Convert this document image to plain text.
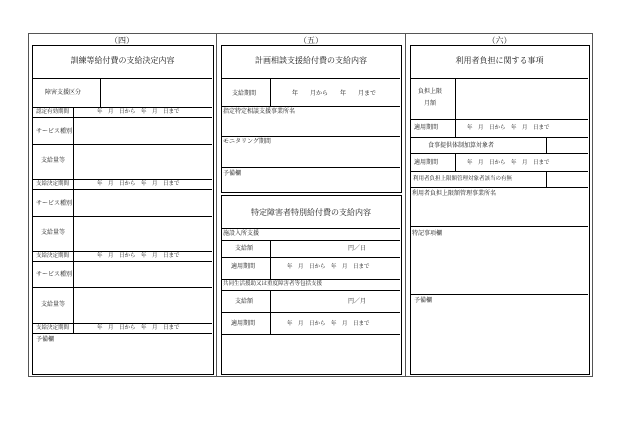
（四）
訓練等給付費の支給決定内容
障害支援区分
認定有効期間	年　月　日から　年　月　日まで
サービス種別
支給量等
支給決定期間	年　月　日から　年　月　日まで
サービス種別
支給量等
支給決定期間	年　月　日から　年　月　日まで
サービス種別
支給量等
支給決定期間	年　月　日から　年　月　日まで
予備欄
（五）
計画相談支援給付費の支給内容
支給期間	年　　月から　　年　　月まで
指定特定相談支援事業所名
モニタリング期間
予備欄
特定障害者特別給付費の支給内容
施設入所支援
支給額	円／日
適用期間	年　月　日から　年　月　日まで
共同生活援助又は重度障害者等包括支援
支給額	円／月
適用期間	年　月　日から　年　月　日まで
（六）
利用者負担に関する事項
負担上限
月額
適用期間	年　月　日から　年　月　日まで
食事提供体制加算対象者
適用期間	年　月　日から　年　月　日まで
利用者負担上限額管理対象者該当の有無
利用者負担上限額管理事業所名
特記事項欄
予備欄
